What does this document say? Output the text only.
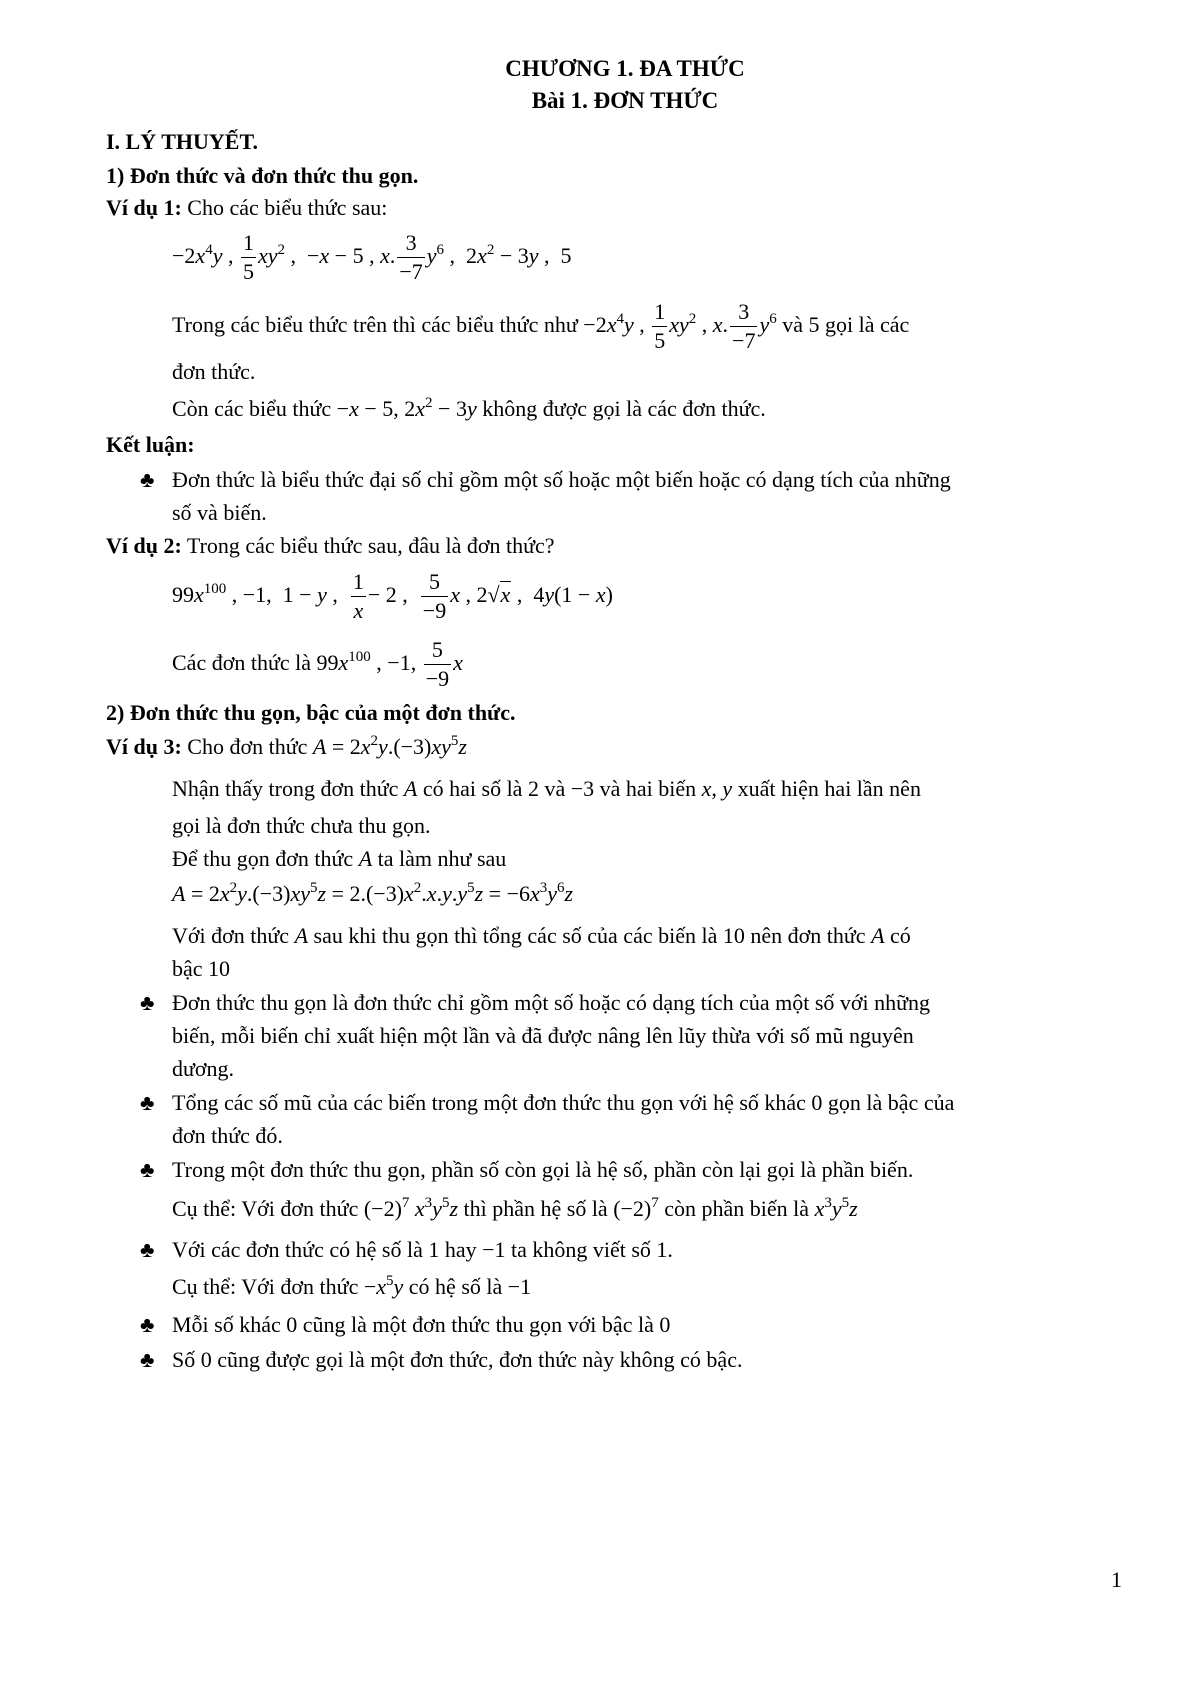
CHƯƠNG 1. ĐA THỨC
Bài 1. ĐƠN THỨC
I. LÝ THUYẾT.
1) Đơn thức và đơn thức thu gọn.
Ví dụ 1: Cho các biểu thức sau:
$-2x^4y$ , $\frac{1}{5} xy^2$ ,  −x − 5 , x. $\frac{3}{-7} y^6$ ,  $2x^2 - 3y$ ,  5
Trong các biểu thức trên thì các biểu thức như $-2x^4y$ , $\frac{1}{5} xy^2$ , x. $\frac{3}{-7} y^6$ và 5 gọi là các
đơn thức.
Còn các biểu thức −x − 5, $2x^2 - 3y$ không được gọi là các đơn thức.
Kết luận:
♣ Đơn thức là biểu thức đại số chỉ gồm một số hoặc một biến hoặc có dạng tích của những
số và biến.
Ví dụ 2: Trong các biểu thức sau, đâu là đơn thức?
$99x^{100}$ , −1,  1 − y , $\frac{1}{x} - 2$ , $\frac{5}{-9}$ x , 2√x ,  4y(1 − x)
Các đơn thức là $99x^{100}$ , −1, $\frac{5}{-9}$ x
2) Đơn thức thu gọn, bậc của một đơn thức.
Ví dụ 3: Cho đơn thức $A = 2x^2y.(-3)xy^5z$
Nhận thấy trong đơn thức A có hai số là 2 và −3 và hai biến x, y xuất hiện hai lần nên
gọi là đơn thức chưa thu gọn.
Để thu gọn đơn thức A ta làm như sau
$A = 2x^2y.(-3)xy^5z = 2.(-3)x^2.x.y.y^5z = -6x^3y^6z$
Với đơn thức A sau khi thu gọn thì tổng các số của các biến là 10 nên đơn thức A có
bậc 10
♣ Đơn thức thu gọn là đơn thức chỉ gồm một số hoặc có dạng tích của một số với những
biến, mỗi biến chỉ xuất hiện một lần và đã được nâng lên lũy thừa với số mũ nguyên
dương.
♣ Tổng các số mũ của các biến trong một đơn thức thu gọn với hệ số khác 0 gọn là bậc của
đơn thức đó.
♣ Trong một đơn thức thu gọn, phần số còn gọi là hệ số, phần còn lại gọi là phần biến.
Cụ thể: Với đơn thức $(-2)^7$ $x^3y^5z$ thì phần hệ số là $(-2)^7$ còn phần biến là $x^3y^5z$
♣ Với các đơn thức có hệ số là 1 hay −1 ta không viết số 1.
Cụ thể: Với đơn thức $-x^5y$ có hệ số là −1
♣ Mỗi số khác 0 cũng là một đơn thức thu gọn với bậc là 0
♣ Số 0 cũng được gọi là một đơn thức, đơn thức này không có bậc.
1
